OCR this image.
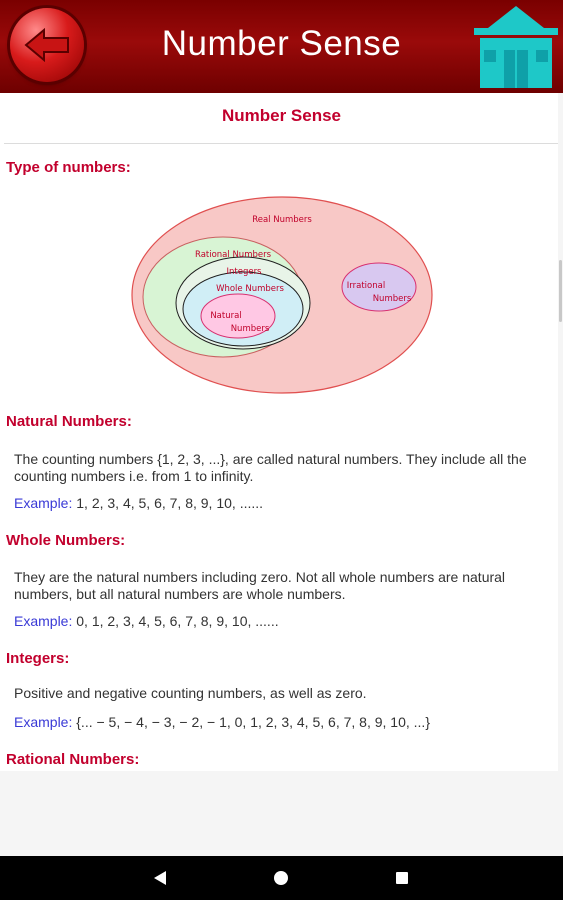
Number Sense
Number Sense
Type of numbers:
Real Numbers
Rational Numbers
Integers
Whole Numbers
Natural
Numbers
Irrational
Numbers
Natural Numbers:
The counting numbers {1, 2, 3, ...}, are called natural numbers. They include all the counting numbers i.e. from 1 to infinity.
Example: 1, 2, 3, 4, 5, 6, 7, 8, 9, 10, ......
Whole Numbers:
They are the natural numbers including zero. Not all whole numbers are natural numbers, but all natural numbers are whole numbers.
Example: 0, 1, 2, 3, 4, 5, 6, 7, 8, 9, 10, ......
Integers:
Positive and negative counting numbers, as well as zero.
Example: {... − 5, − 4, − 3, − 2, − 1, 0, 1, 2, 3, 4, 5, 6, 7, 8, 9, 10, ...}
Rational Numbers:
